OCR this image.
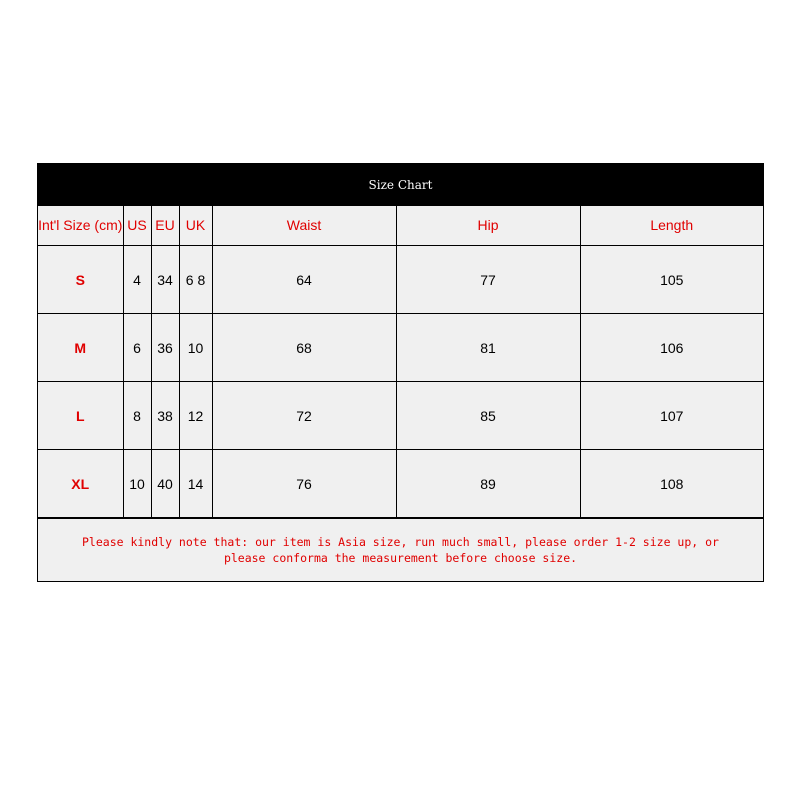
Size Chart
Int'l Size (cm)	US	EU	UK	Waist	Hip	Length
S	4	34	6 8	64	77	105
M	6	36	10	68	81	106
L	8	38	12	72	85	107
XL	10	40	14	76	89	108
Please kindly note that: our item is Asia size, run much small, please order 1-2 size up, or please conforma the measurement before choose size.
